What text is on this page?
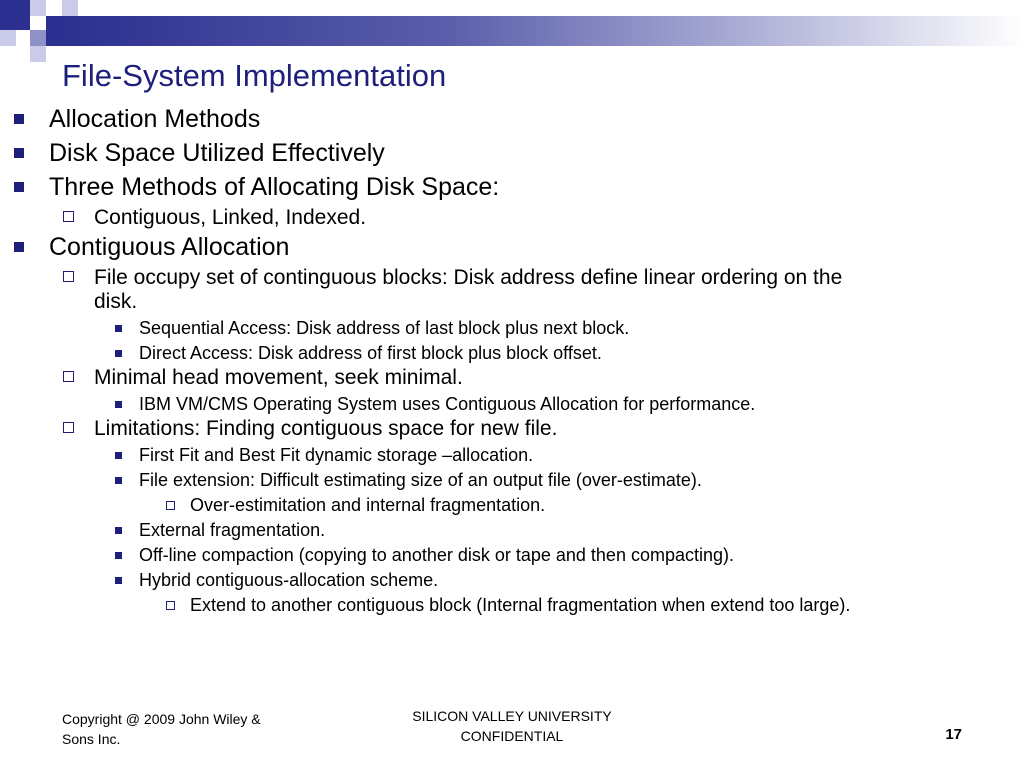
File-System Implementation
Allocation Methods
Disk Space Utilized Effectively
Three Methods of Allocating Disk Space:
Contiguous, Linked, Indexed.
Contiguous Allocation
File occupy set of continguous blocks: Disk address define linear ordering on the disk.
Sequential Access: Disk address of last block plus next block.
Direct Access: Disk address of first block plus block offset.
Minimal head movement, seek minimal.
IBM VM/CMS Operating System uses Contiguous Allocation for performance.
Limitations: Finding contiguous space for new file.
First Fit and Best Fit dynamic storage –allocation.
File extension: Difficult estimating size of an output file (over-estimate).
Over-estimitation and internal fragmentation.
External fragmentation.
Off-line compaction (copying to another disk or tape and then compacting).
Hybrid contiguous-allocation scheme.
Extend to another contiguous block (Internal fragmentation when extend too large).
Copyright @ 2009 John Wiley & Sons Inc.
SILICON VALLEY UNIVERSITY
CONFIDENTIAL	17
